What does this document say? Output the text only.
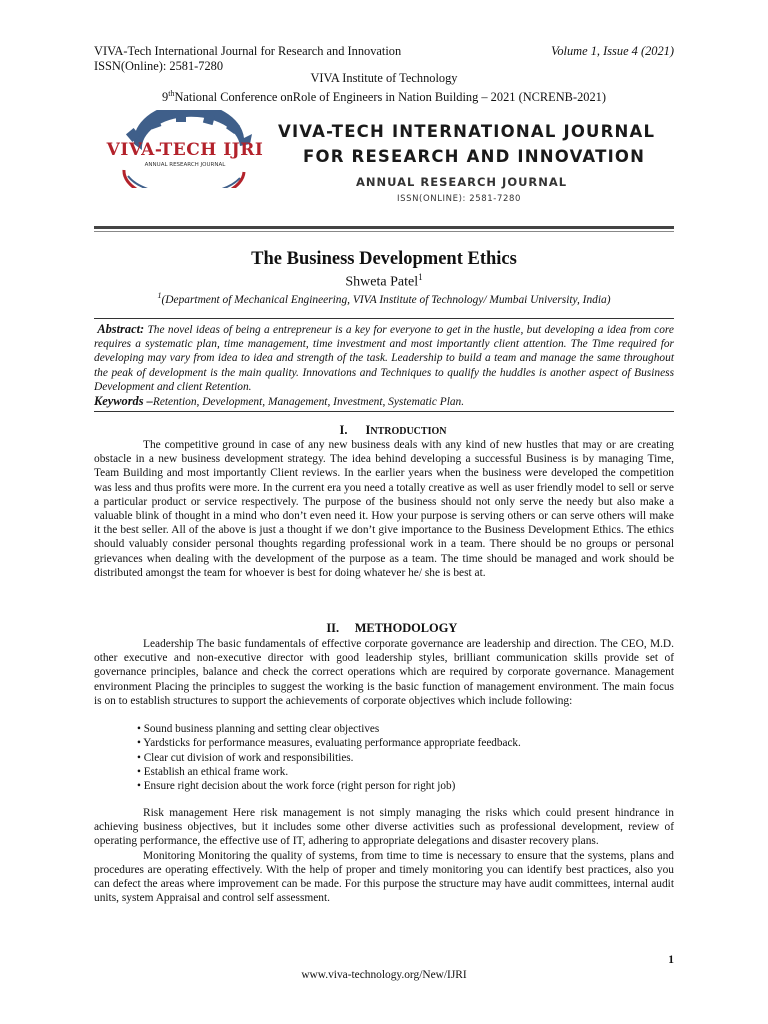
VIVA-Tech International Journal for Research and Innovation
ISSN(Online): 2581-7280
Volume 1, Issue 4 (2021)
VIVA Institute of Technology
9thNational Conference onRole of Engineers in Nation Building – 2021 (NCRENB-2021)
VIVA-TECH IJRI
ANNUAL RESEARCH JOURNAL
VIVA-TECH INTERNATIONAL JOURNAL
FOR RESEARCH AND INNOVATION
ANNUAL RESEARCH JOURNAL
ISSN(ONLINE): 2581-7280
The Business Development Ethics
Shweta Patel$^1$
$^1$(Department of Mechanical Engineering, VIVA Institute of Technology/ Mumbai University, India)
Abstract: The novel ideas of being a entrepreneur is a key for everyone to get in the hustle, but developing a idea from core requires a systematic plan, time management, time investment and most importantly client attention. The Time required for developing may vary from idea to idea and strength of the task. Leadership to build a team and manage the same throughout the peak of development is the main quality. Innovations and Techniques to qualify the huddles is another aspect of Business Development and client Retention.
Keywords –Retention, Development, Management, Investment, Systematic Plan.
I. INTRODUCTION

The competitive ground in case of any new business deals with any kind of new hustles that may or are creating obstacle in a new business development strategy. The idea behind developing a successful Business is by managing Time, Team Building and most importantly Client reviews. In the earlier years when the business were developed the competition was less and thus profits were more. In the current era you need a totally creative as well as user friendly model to sell or serve a particular product or service respectively. The purpose of the business should not only serve the needy but also make a valuable blink of thought in a mind who don’t even need it. How your purpose is serving others or can serve others will make it the best seller. All of the above is just a thought if we don’t give importance to the Business Development Ethics. The ethics should valuably consider personal thoughts regarding professional work in a team. There should be no groups or personal grievances when dealing with the development of the purpose as a team. The time should be managed and work should be distributed amongst the team for whoever is best for doing whatever he/ she is best at.

II. METHODOLOGY

Leadership The basic fundamentals of effective corporate governance are leadership and direction. The CEO, M.D. other executive and non-executive director with good leadership styles, brilliant communication skills provide set of governance principles, balance and check the correct operations which are required by corporate governance. Management environment Placing the principles to suggest the working is the basic function of management environment. The main focus is on to establish structures to support the achievements of corporate objectives which include following:

• Sound business planning and setting clear objectives
• Yardsticks for performance measures, evaluating performance appropriate feedback.
• Clear cut division of work and responsibilities.
• Establish an ethical frame work.
• Ensure right decision about the work force (right person for right job)

Risk management Here risk management is not simply managing the risks which could present hindrance in achieving business objectives, but it includes some other diverse activities such as professional development, review of operating performance, the effective use of IT, adhering to appropriate delegations and disaster recovery plans.

Monitoring Monitoring the quality of systems, from time to time is necessary to ensure that the systems, plans and procedures are operating effectively. With the help of proper and timely monitoring you can identify best practices, also you can defect the areas where improvement can be made. For this purpose the structure may have audit committees, internal audit units, system Appraisal and control self assessment.

1
www.viva-technology.org/New/IJRI
